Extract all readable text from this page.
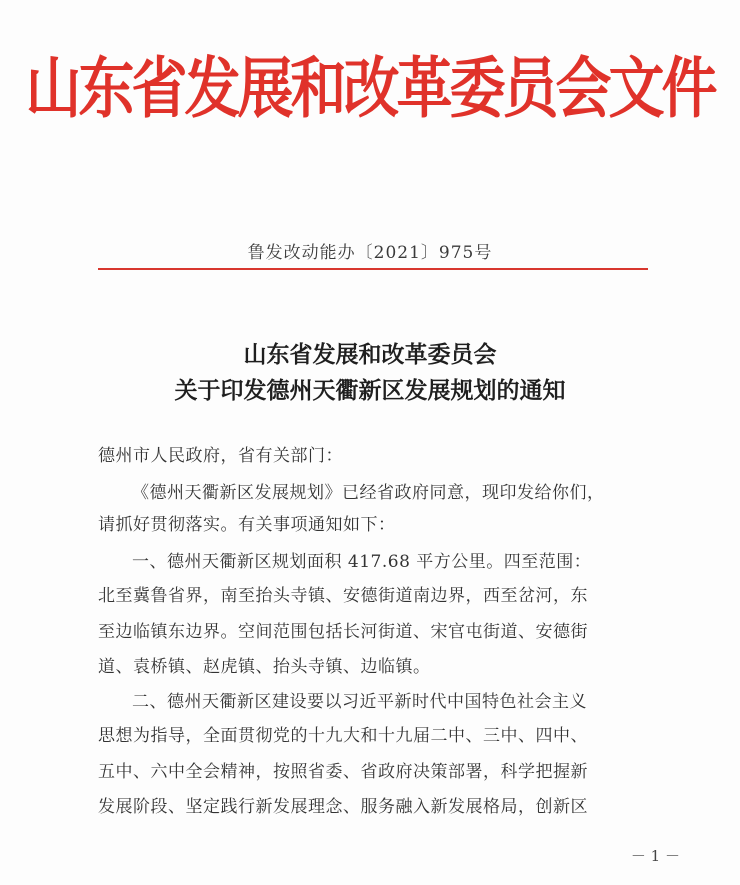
山东省发展和改革委员会文件
鲁发改动能办〔2021〕975号
山东省发展和改革委员会
关于印发德州天衢新区发展规划的通知
德州市人民政府，省有关部门：
《德州天衢新区发展规划》已经省政府同意，现印发给你们，
请抓好贯彻落实。有关事项通知如下：
一、德州天衢新区规划面积 417.68 平方公里。四至范围：
北至冀鲁省界，南至抬头寺镇、安德街道南边界，西至岔河，东
至边临镇东边界。空间范围包括长河街道、宋官屯街道、安德街
道、袁桥镇、赵虎镇、抬头寺镇、边临镇。
二、德州天衢新区建设要以习近平新时代中国特色社会主义
思想为指导，全面贯彻党的十九大和十九届二中、三中、四中、
五中、六中全会精神，按照省委、省政府决策部署，科学把握新
发展阶段、坚定践行新发展理念、服务融入新发展格局，创新区
－ 1 －
